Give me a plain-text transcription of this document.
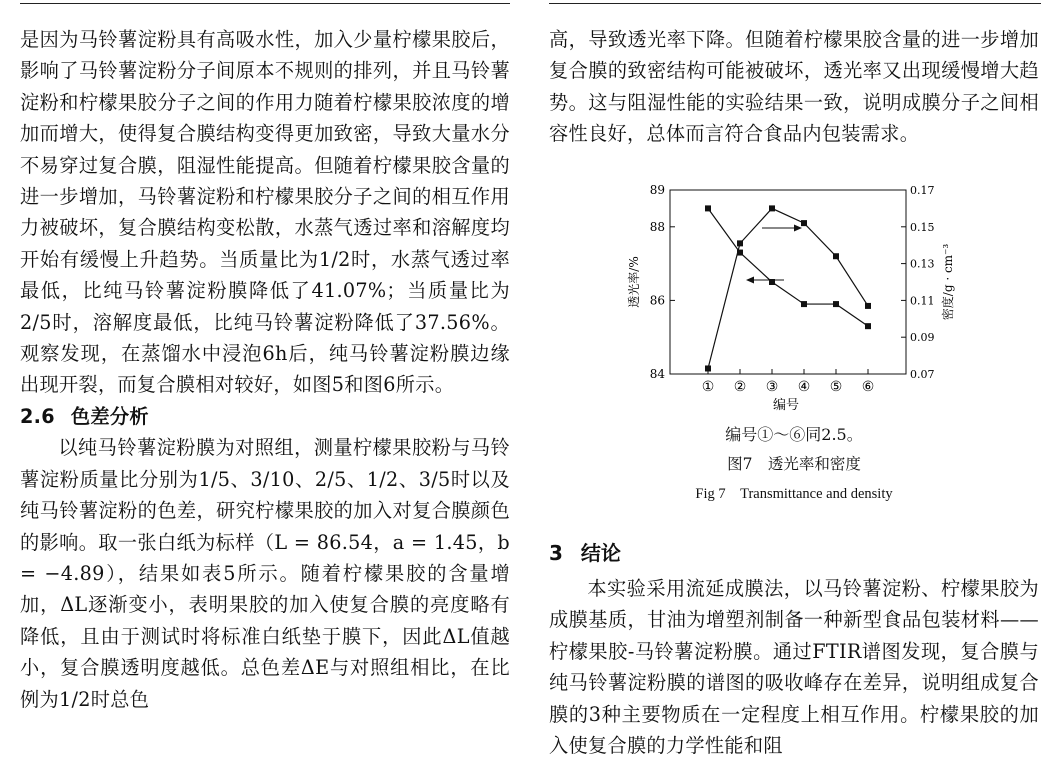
是因为马铃薯淀粉具有高吸水性，加入少量柠檬果胶后，影响了马铃薯淀粉分子间原本不规则的排列，并且马铃薯淀粉和柠檬果胶分子之间的作用力随着柠檬果胶浓度的增加而增大，使得复合膜结构变得更加致密，导致大量水分不易穿过复合膜，阻湿性能提高。但随着柠檬果胶含量的进一步增加，马铃薯淀粉和柠檬果胶分子之间的相互作用力被破坏，复合膜结构变松散，水蒸气透过率和溶解度均开始有缓慢上升趋势。当质量比为1/2时，水蒸气透过率最低，比纯马铃薯淀粉膜降低了41.07%；当质量比为2/5时，溶解度最低，比纯马铃薯淀粉降低了37.56%。观察发现，在蒸馏水中浸泡6h后，纯马铃薯淀粉膜边缘出现开裂，而复合膜相对较好，如图5和图6所示。

2.6 色差分析

以纯马铃薯淀粉膜为对照组，测量柠檬果胶粉与马铃薯淀粉质量比分别为1/5、3/10、2/5、1/2、3/5时以及纯马铃薯淀粉的色差，研究柠檬果胶的加入对复合膜颜色的影响。取一张白纸为标样（L = 86.54，a = 1.45，b = −4.89），结果如表5所示。随着柠檬果胶的含量增加，ΔL逐渐变小，表明果胶的加入使复合膜的亮度略有降低，且由于测试时将标准白纸垫于膜下，因此ΔL值越小，复合膜透明度越低。总色差ΔE与对照组相比，在比例为1/2时总色

高，导致透光率下降。但随着柠檬果胶含量的进一步增加复合膜的致密结构可能被破坏，透光率又出现缓慢增大趋势。这与阻湿性能的实验结果一致，说明成膜分子之间相容性良好，总体而言符合食品内包装需求。

84
86
88
89
0.07
0.09
0.11
0.13
0.15
0.17
① ② ③ ④ ⑤ ⑥
透光率/%	密度/g · cm⁻³
编号
编号①～⑥同2.5。
图7　透光率和密度
Fig 7　Transmittance and density
3 结论

本实验采用流延成膜法，以马铃薯淀粉、柠檬果胶为成膜基质，甘油为增塑剂制备一种新型食品包装材料——柠檬果胶-马铃薯淀粉膜。通过FTIR谱图发现，复合膜与纯马铃薯淀粉膜的谱图的吸收峰存在差异，说明组成复合膜的3种主要物质在一定程度上相互作用。柠檬果胶的加入使复合膜的力学性能和阻
